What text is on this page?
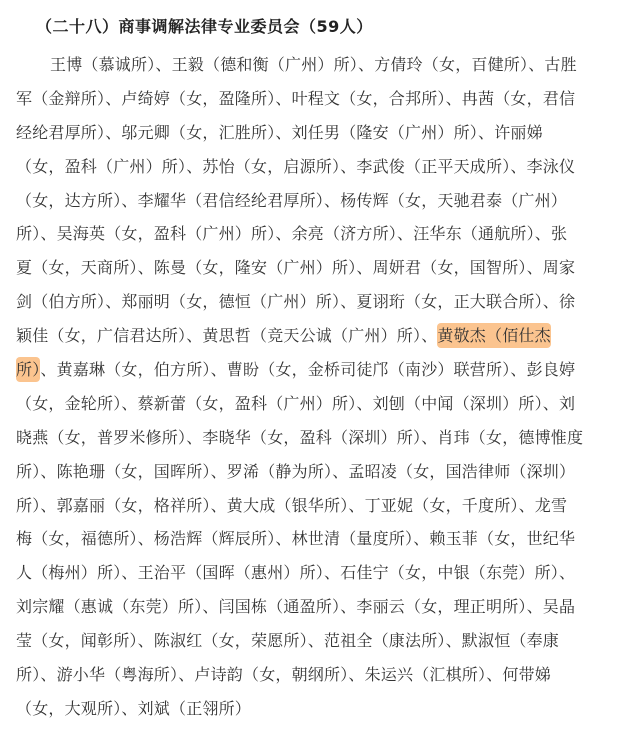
（二十八）商事调解法律专业委员会（59人）
王博（慕诚所）、王毅（德和衡（广州）所）、方倩玲（女，百健所）、古胜
军（金辩所）、卢绮婷（女，盈隆所）、叶程文（女，合邦所）、冉茜（女，君信
经纶君厚所）、邬元卿（女，汇胜所）、刘任男（隆安（广州）所）、许丽娣
（女，盈科（广州）所）、苏怡（女，启源所）、李武俊（正平天成所）、李泳仪
（女，达方所）、李耀华（君信经纶君厚所）、杨传辉（女，天驰君泰（广州）
所）、吴海英（女，盈科（广州）所）、余亮（济方所）、汪华东（通航所）、张
夏（女，天商所）、陈曼（女，隆安（广州）所）、周妍君（女，国智所）、周家
剑（伯方所）、郑丽明（女，德恒（广州）所）、夏诩珩（女，正大联合所）、徐
颖佳（女，广信君达所）、黄思哲（竞天公诚（广州）所）、黄敬杰（佰仕杰
所）、黄嘉琳（女，伯方所）、曹盼（女，金桥司徒邝（南沙）联营所）、彭良婷
（女，金轮所）、蔡新蕾（女，盈科（广州）所）、刘刨（中闻（深圳）所）、刘
晓燕（女，普罗米修所）、李晓华（女，盈科（深圳）所）、肖玮（女，德博惟度
所）、陈艳珊（女，国晖所）、罗浠（静为所）、孟昭凌（女，国浩律师（深圳）
所）、郭嘉丽（女，格祥所）、黄大成（银华所）、丁亚妮（女，千度所）、龙雪
梅（女，福德所）、杨浩辉（辉辰所）、林世清（量度所）、赖玉菲（女，世纪华
人（梅州）所）、王治平（国晖（惠州）所）、石佳宁（女，中银（东莞）所）、
刘宗耀（惠诚（东莞）所）、闫国栋（通盈所）、李丽云（女，理正明所）、吴晶
莹（女，闻彰所）、陈淑红（女，荣愿所）、范祖全（康法所）、默淑恒（奉康
所）、游小华（粤海所）、卢诗韵（女，朝纲所）、朱运兴（汇棋所）、何带娣
（女，大观所）、刘斌（正翎所）
